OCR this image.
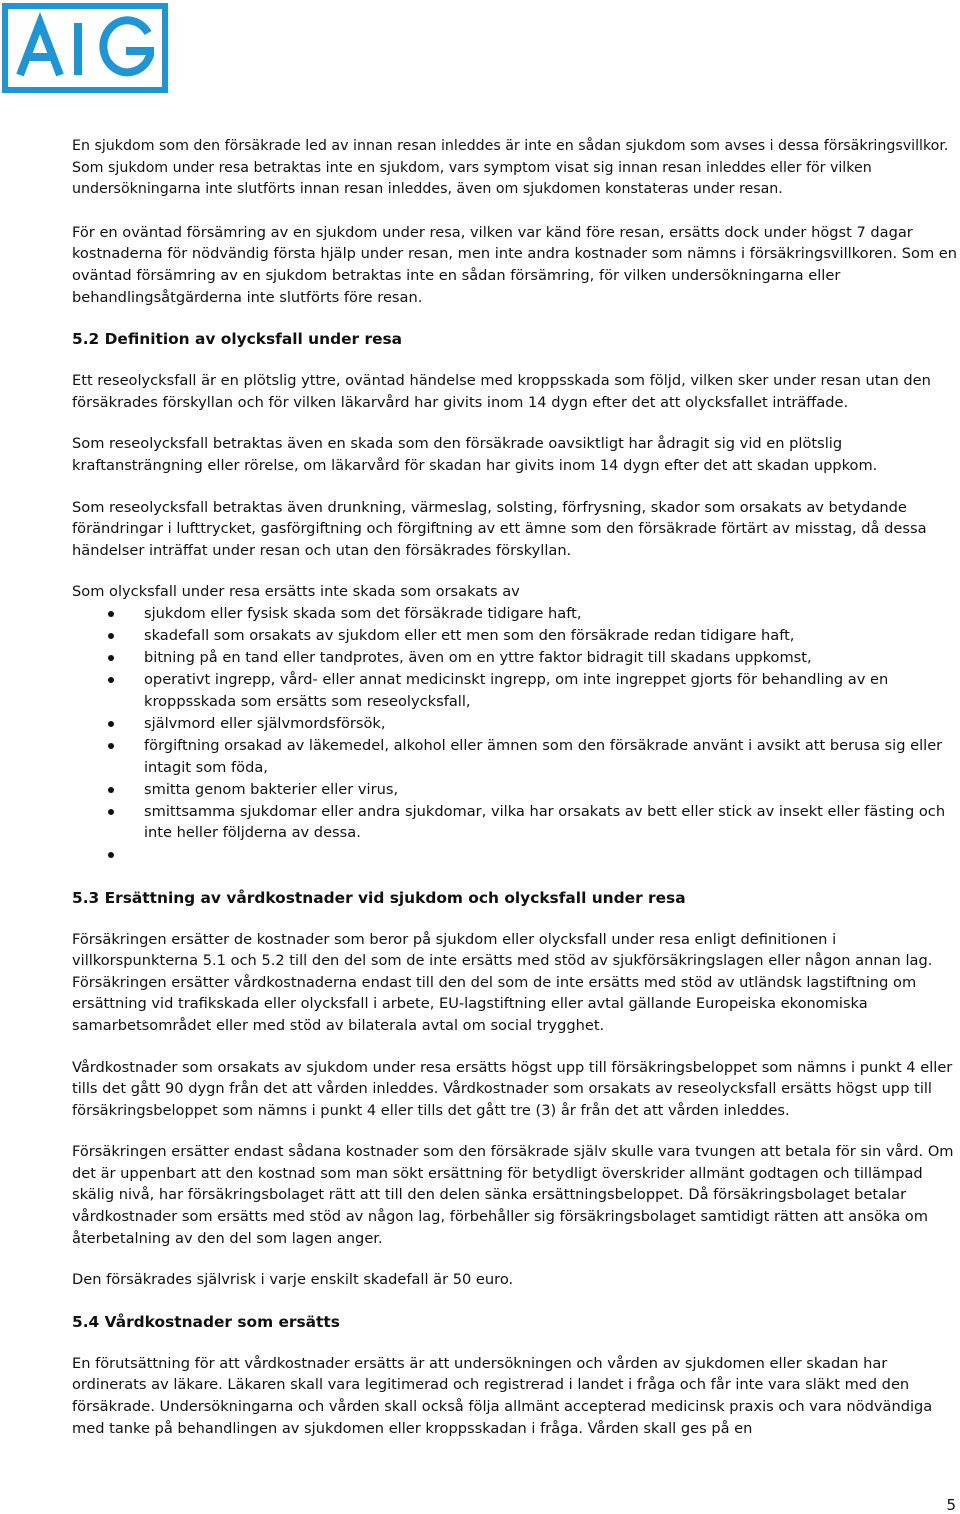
En sjukdom som den försäkrade led av innan resan inleddes är inte en sådan sjukdom som avses i dessa försäkringsvillkor. Som sjukdom under resa betraktas inte en sjukdom, vars symptom visat sig innan resan inleddes eller för vilken undersökningarna inte slutförts innan resan inleddes, även om sjukdomen konstateras under resan.

För en oväntad försämring av en sjukdom under resa, vilken var känd före resan, ersätts dock under högst 7 dagar kostnaderna för nödvändig första hjälp under resan, men inte andra kostnader som nämns i försäkringsvillkoren. Som en oväntad försämring av en sjukdom betraktas inte en sådan försämring, för vilken undersökningarna eller behandlingsåtgärderna inte slutförts före resan.

5.2 Definition av olycksfall under resa

Ett reseolycksfall är en plötslig yttre, oväntad händelse med kroppsskada som följd, vilken sker under resan utan den försäkrades förskyllan och för vilken läkarvård har givits inom 14 dygn efter det att olycksfallet inträffade.

Som reseolycksfall betraktas även en skada som den försäkrade oavsiktligt har ådragit sig vid en plötslig kraftansträngning eller rörelse, om läkarvård för skadan har givits inom 14 dygn efter det att skadan uppkom.

Som reseolycksfall betraktas även drunkning, värmeslag, solsting, förfrysning, skador som orsakats av betydande förändringar i lufttrycket, gasförgiftning och förgiftning av ett ämne som den försäkrade förtärt av misstag, då dessa händelser inträffat under resan och utan den försäkrades förskyllan.

Som olycksfall under resa ersätts inte skada som orsakats av

sjukdom eller fysisk skada som det försäkrade tidigare haft,
skadefall som orsakats av sjukdom eller ett men som den försäkrade redan tidigare haft,
bitning på en tand eller tandprotes, även om en yttre faktor bidragit till skadans uppkomst,
operativt ingrepp, vård- eller annat medicinskt ingrepp, om inte ingreppet gjorts för behandling av en kroppsskada som ersätts som reseolycksfall,
självmord eller självmordsförsök,
förgiftning orsakad av läkemedel, alkohol eller ämnen som den försäkrade använt i avsikt att berusa sig eller intagit som föda,
smitta genom bakterier eller virus,
smittsamma sjukdomar eller andra sjukdomar, vilka har orsakats av bett eller stick av insekt eller fästing och inte heller följderna av dessa.
5.3 Ersättning av vårdkostnader vid sjukdom och olycksfall under resa

Försäkringen ersätter de kostnader som beror på sjukdom eller olycksfall under resa enligt definitionen i villkorspunkterna 5.1 och 5.2 till den del som de inte ersätts med stöd av sjukförsäkringslagen eller någon annan lag. Försäkringen ersätter vårdkostnaderna endast till den del som de inte ersätts med stöd av utländsk lagstiftning om ersättning vid trafikskada eller olycksfall i arbete, EU-lagstiftning eller avtal gällande Europeiska ekonomiska samarbetsområdet eller med stöd av bilaterala avtal om social trygghet.

Vårdkostnader som orsakats av sjukdom under resa ersätts högst upp till försäkringsbeloppet som nämns i punkt 4 eller tills det gått 90 dygn från det att vården inleddes. Vårdkostnader som orsakats av reseolycksfall ersätts högst upp till försäkringsbeloppet som nämns i punkt 4 eller tills det gått tre (3) år från det att vården inleddes.

Försäkringen ersätter endast sådana kostnader som den försäkrade själv skulle vara tvungen att betala för sin vård. Om det är uppenbart att den kostnad som man sökt ersättning för betydligt överskrider allmänt godtagen och tillämpad skälig nivå, har försäkringsbolaget rätt att till den delen sänka ersättningsbeloppet. Då försäkringsbolaget betalar vårdkostnader som ersätts med stöd av någon lag, förbehåller sig försäkringsbolaget samtidigt rätten att ansöka om återbetalning av den del som lagen anger.

Den försäkrades självrisk i varje enskilt skadefall är 50 euro.

5.4 Vårdkostnader som ersätts

En förutsättning för att vårdkostnader ersätts är att undersökningen och vården av sjukdomen eller skadan har ordinerats av läkare. Läkaren skall vara legitimerad och registrerad i landet i fråga och får inte vara släkt med den försäkrade. Undersökningarna och vården skall också följa allmänt accepterad medicinsk praxis och vara nödvändiga med tanke på behandlingen av sjukdomen eller kroppsskadan i fråga. Vården skall ges på en

5
